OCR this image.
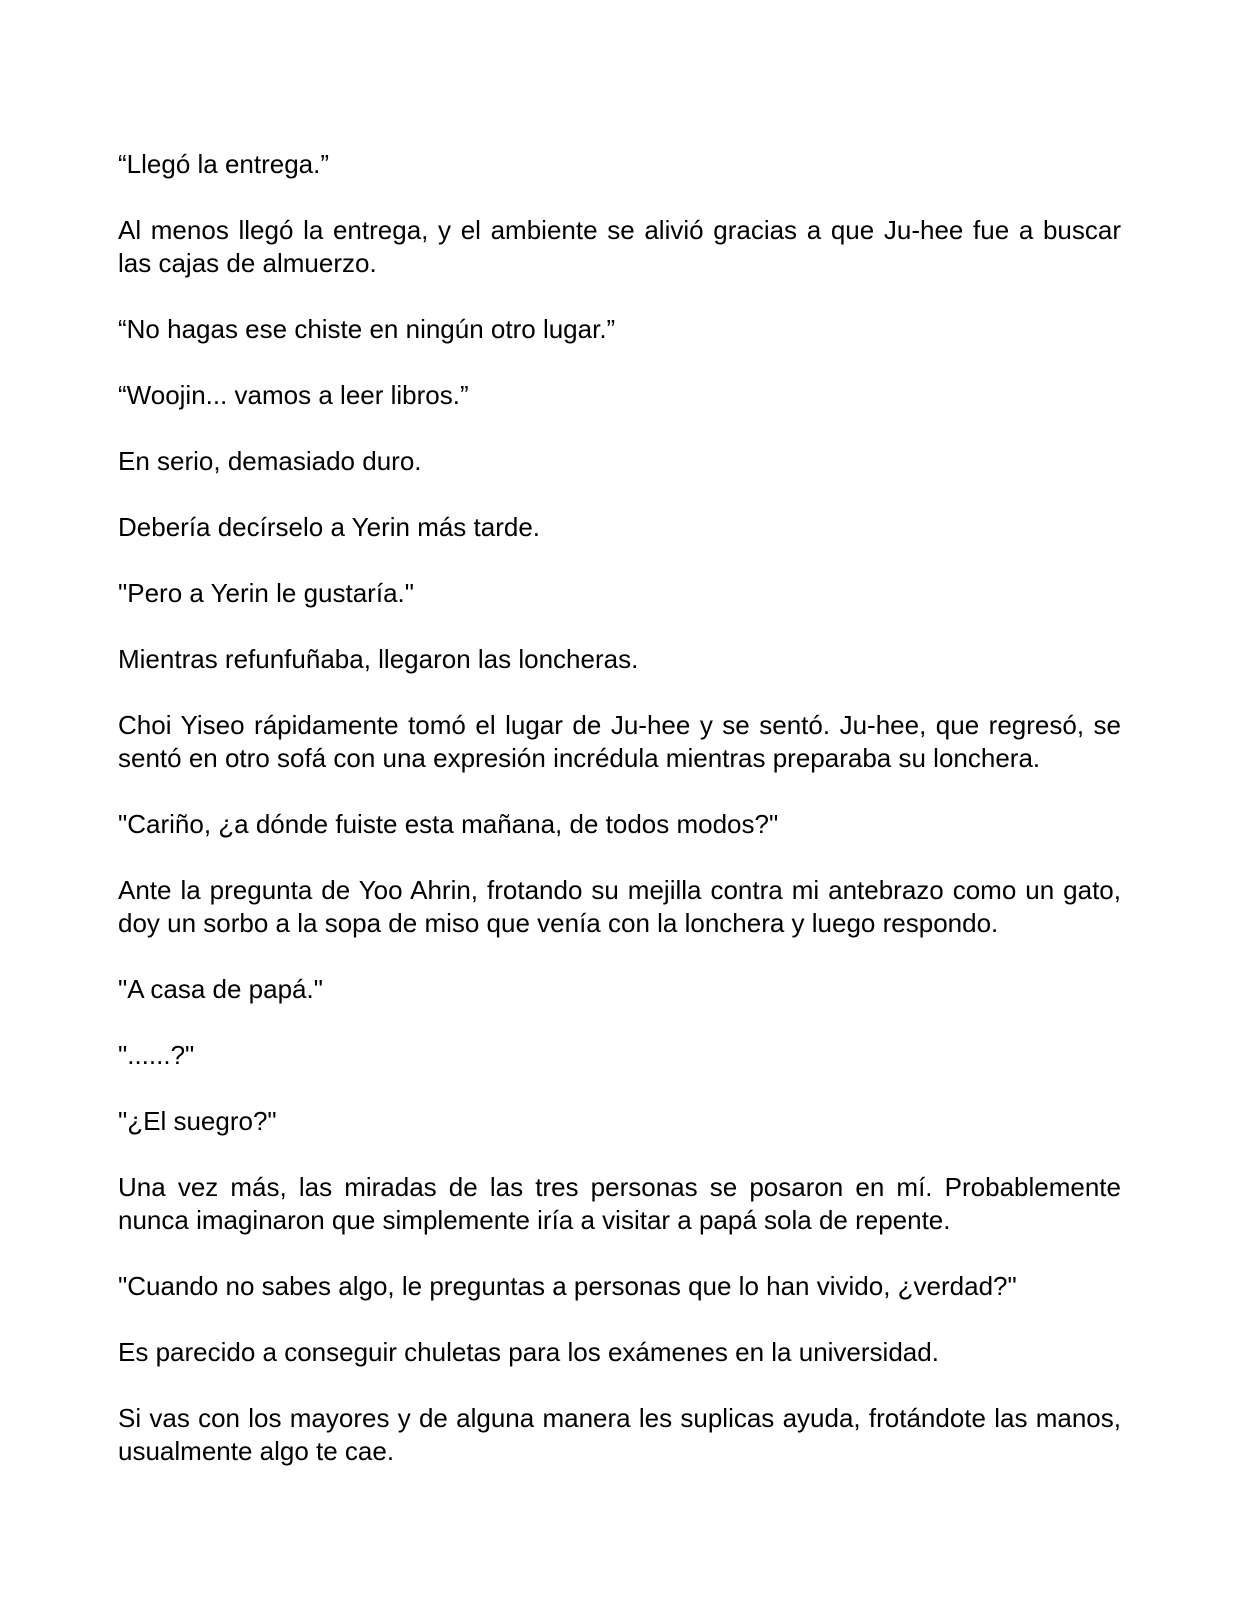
“Llegó la entrega.”

Al menos llegó la entrega, y el ambiente se alivió gracias a que Ju-hee fue a buscar las cajas de almuerzo.

“No hagas ese chiste en ningún otro lugar.”

“Woojin... vamos a leer libros.”

En serio, demasiado duro.

Debería decírselo a Yerin más tarde.

"Pero a Yerin le gustaría."

Mientras refunfuñaba, llegaron las loncheras.

Choi Yiseo rápidamente tomó el lugar de Ju-hee y se sentó. Ju-hee, que regresó, se sentó en otro sofá con una expresión incrédula mientras preparaba su lonchera.

"Cariño, ¿a dónde fuiste esta mañana, de todos modos?"

Ante la pregunta de Yoo Ahrin, frotando su mejilla contra mi antebrazo como un gato, doy un sorbo a la sopa de miso que venía con la lonchera y luego respondo.

"A casa de papá."

"......?"

"¿El suegro?"

Una vez más, las miradas de las tres personas se posaron en mí. Probablemente nunca imaginaron que simplemente iría a visitar a papá sola de repente.

"Cuando no sabes algo, le preguntas a personas que lo han vivido, ¿verdad?"

Es parecido a conseguir chuletas para los exámenes en la universidad.

Si vas con los mayores y de alguna manera les suplicas ayuda, frotándote las manos, usualmente algo te cae.
